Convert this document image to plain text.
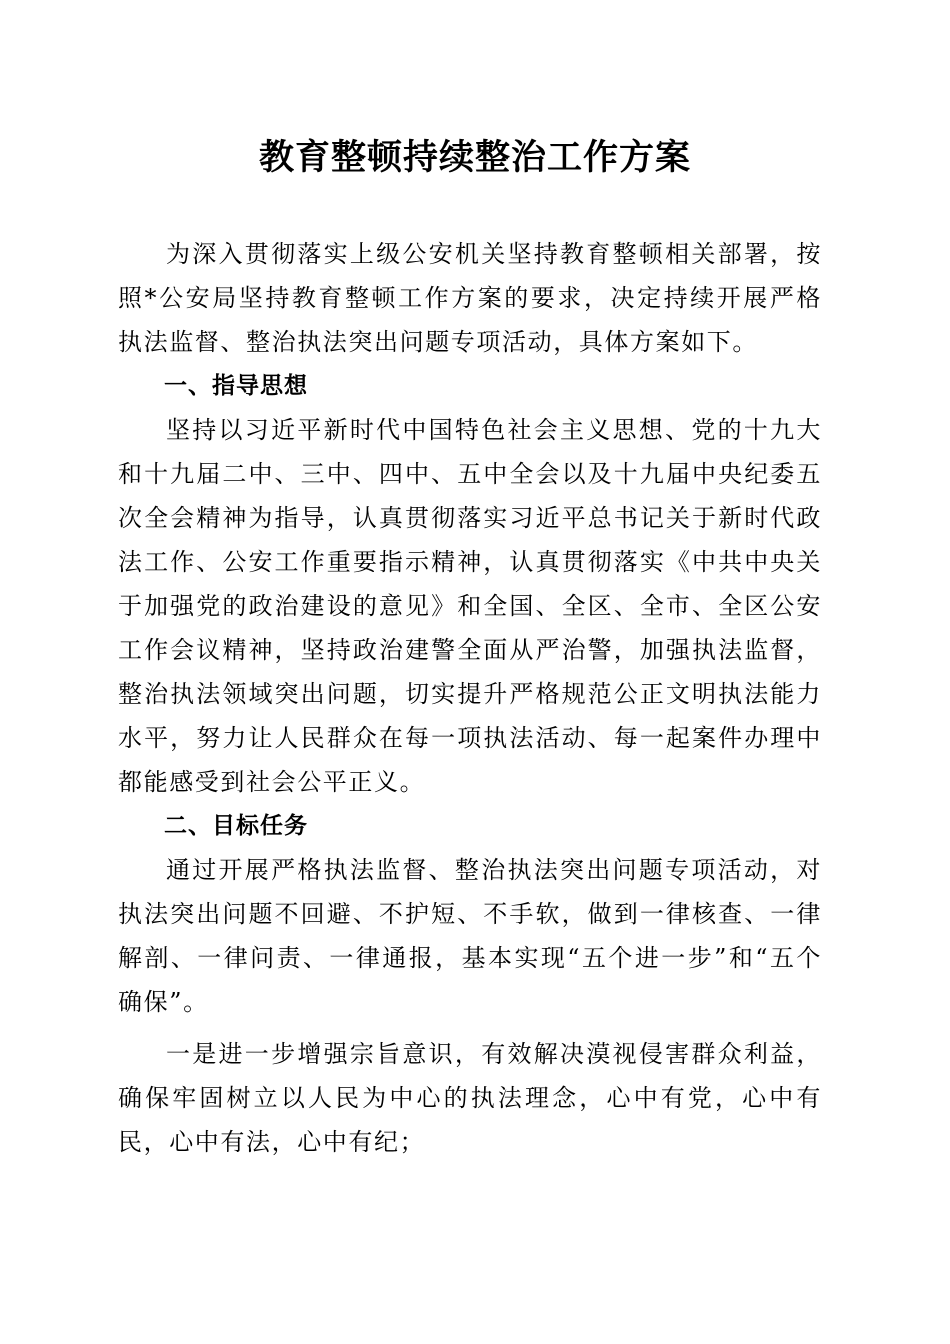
教育整顿持续整治工作方案

为深入贯彻落实上级公安机关坚持教育整顿相关部署，按照*公安局坚持教育整顿工作方案的要求，决定持续开展严格执法监督、整治执法突出问题专项活动，具体方案如下。

一、指导思想

坚持以习近平新时代中国特色社会主义思想、党的十九大和十九届二中、三中、四中、五中全会以及十九届中央纪委五次全会精神为指导，认真贯彻落实习近平总书记关于新时代政法工作、公安工作重要指示精神，认真贯彻落实《中共中央关于加强党的政治建设的意见》和全国、全区、全市、全区公安工作会议精神，坚持政治建警全面从严治警，加强执法监督，整治执法领域突出问题，切实提升严格规范公正文明执法能力水平，努力让人民群众在每一项执法活动、每一起案件办理中都能感受到社会公平正义。

二、目标任务

通过开展严格执法监督、整治执法突出问题专项活动，对执法突出问题不回避、不护短、不手软，做到一律核查、一律解剖、一律问责、一律通报，基本实现“五个进一步”和“五个确保”。

一是进一步增强宗旨意识，有效解决漠视侵害群众利益，确保牢固树立以人民为中心的执法理念，心中有党，心中有民，心中有法，心中有纪；
